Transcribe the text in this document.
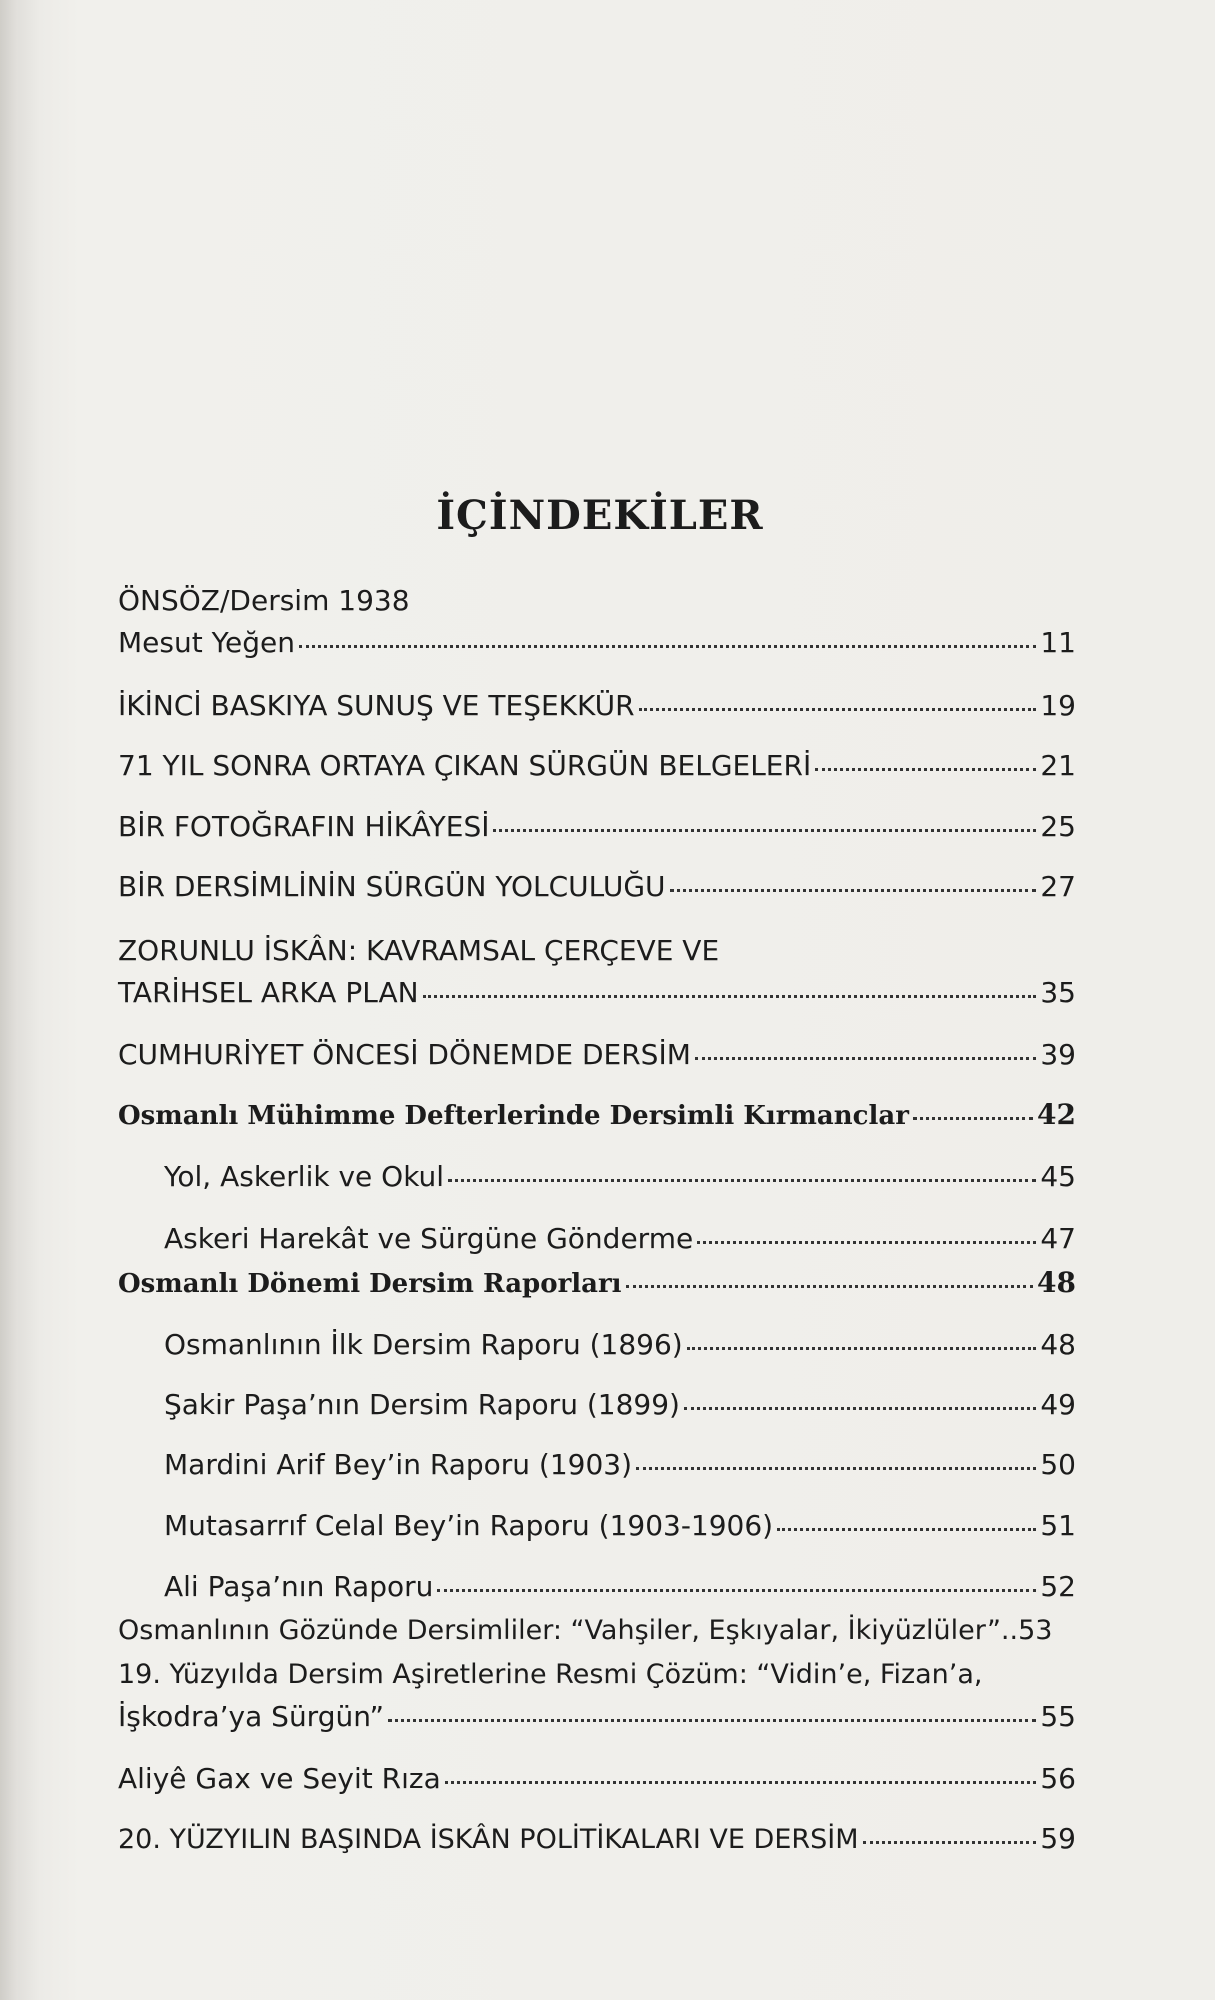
İÇİNDEKİLER
ÖNSÖZ/Dersim 1938
Mesut Yeğen	11
İKİNCİ BASKIYA SUNUŞ VE TEŞEKKÜR	19
71 YIL SONRA ORTAYA ÇIKAN SÜRGÜN BELGELERİ	21
BİR FOTOĞRAFIN HİKÂYESİ	25
BİR DERSİMLİNİN SÜRGÜN YOLCULUĞU	27
ZORUNLU İSKÂN: KAVRAMSAL ÇERÇEVE VE
TARİHSEL ARKA PLAN	35
CUMHURİYET ÖNCESİ DÖNEMDE DERSİM	39
Osmanlı Mühimme Defterlerinde Dersimli Kırmanclar	42
Yol, Askerlik ve Okul	45
Askeri Harekât ve Sürgüne Gönderme	47
Osmanlı Dönemi Dersim Raporları	48
Osmanlının İlk Dersim Raporu (1896)	48
Şakir Paşa’nın Dersim Raporu (1899)	49
Mardini Arif Bey’in Raporu (1903)	50
Mutasarrıf Celal Bey’in Raporu (1903-1906)	51
Ali Paşa’nın Raporu	52
Osmanlının Gözünde Dersimliler: “Vahşiler, Eşkıyalar, İkiyüzlüler”..53
19. Yüzyılda Dersim Aşiretlerine Resmi Çözüm: “Vidin’e, Fizan’a,
İşkodra’ya Sürgün”	55
Aliyê Gax ve Seyit Rıza	56
20. YÜZYILIN BAŞINDA İSKÂN POLİTİKALARI VE DERSİM	59
